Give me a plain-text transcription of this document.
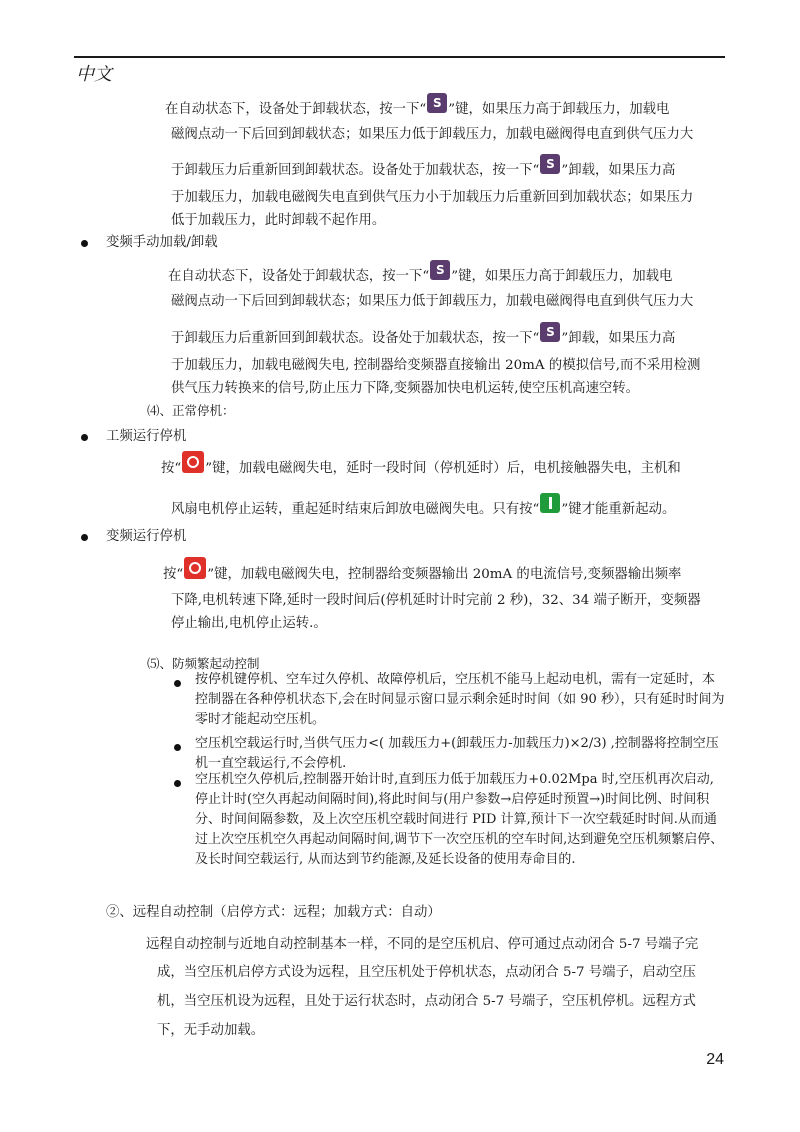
中文

在自动状态下，设备处于卸载状态，按一下“ S ”键，如果压力高于卸载压力，加载电

磁阀点动一下后回到卸载状态；如果压力低于卸载压力，加载电磁阀得电直到供气压力大

于卸载压力后重新回到卸载状态。设备处于加载状态，按一下“ S ”卸载，如果压力高

于加载压力，加载电磁阀失电直到供气压力小于加载压力后重新回到加载状态；如果压力

低于加载压力，此时卸载不起作用。

变频手动加载/卸载

在自动状态下，设备处于卸载状态，按一下“ S ”键，如果压力高于卸载压力，加载电

磁阀点动一下后回到卸载状态；如果压力低于卸载压力，加载电磁阀得电直到供气压力大

于卸载压力后重新回到卸载状态。设备处于加载状态，按一下“ S ”卸载，如果压力高

于加载压力，加载电磁阀失电, 控制器给变频器直接输出 20mA 的模拟信号,而不采用检测

供气压力转换来的信号,防止压力下降,变频器加快电机运转,使空压机高速空转。

⑷、正常停机：

工频运行停机

按“ ”键，加载电磁阀失电，延时一段时间（停机延时）后，电机接触器失电，主机和

风扇电机停止运转，重起延时结束后卸放电磁阀失电。只有按“ ”键才能重新起动。

变频运行停机

按“ ”键，加载电磁阀失电，控制器给变频器输出 20mA 的电流信号,变频器输出频率

下降,电机转速下降,延时一段时间后(停机延时计时完前 2 秒)，32、34 端子断开，变频器

停止输出,电机停止运转.。

⑸、防频繁起动控制

按停机键停机、空车过久停机、故障停机后，空压机不能马上起动电机，需有一定延时，本控制器在各种停机状态下,会在时间显示窗口显示剩余延时时间（如 90 秒），只有延时时间为零时才能起动空压机。
空压机空载运行时,当供气压力<( 加载压力+(卸载压力-加载压力)×2/3) ,控制器将控制空压机一直空载运行,不会停机.
空压机空久停机后,控制器开始计时,直到压力低于加载压力+0.02Mpa 时,空压机再次启动,停止计时(空久再起动间隔时间),将此时间与(用户参数→启停延时预置→)时间比例、时间积分、时间间隔参数，及上次空压机空载时间进行 PID 计算,预计下一次空载延时时间.从而通过上次空压机空久再起动间隔时间,调节下一次空压机的空车时间,达到避免空压机频繁启停、及长时间空载运行, 从而达到节约能源,及延长设备的使用寿命目的.

②、远程自动控制（启停方式：远程；加载方式：自动）

远程自动控制与近地自动控制基本一样，不同的是空压机启、停可通过点动闭合 5-7 号端子完

成，当空压机启停方式设为远程，且空压机处于停机状态，点动闭合 5-7 号端子，启动空压

机，当空压机设为远程，且处于运行状态时，点动闭合 5-7 号端子，空压机停机。远程方式

下，无手动加载。

24
